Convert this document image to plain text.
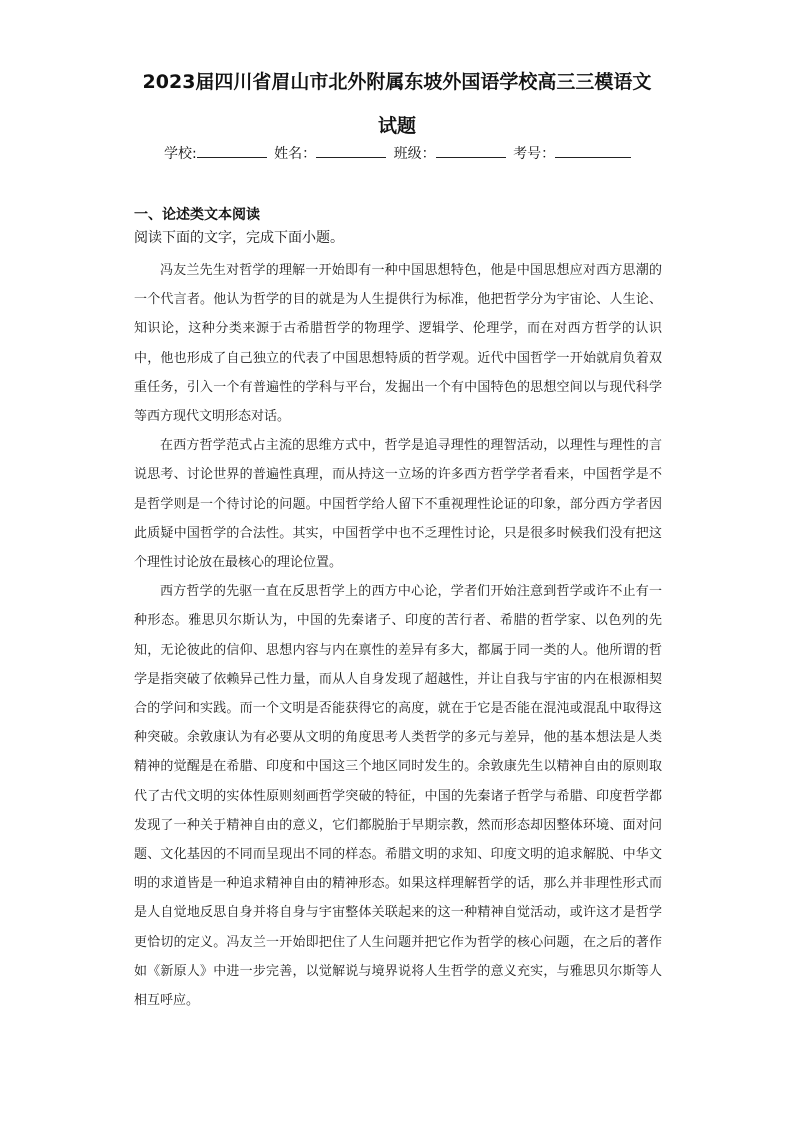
2023届四川省眉山市北外附属东坡外国语学校高三三模语文
试题
学校:	姓名：	班级：	考号：
一、论述类文本阅读

阅读下面的文字，完成下面小题。

冯友兰先生对哲学的理解一开始即有一种中国思想特色，他是中国思想应对西方思潮的一个代言者。他认为哲学的目的就是为人生提供行为标准，他把哲学分为宇宙论、人生论、知识论，这种分类来源于古希腊哲学的物理学、逻辑学、伦理学，而在对西方哲学的认识中，他也形成了自己独立的代表了中国思想特质的哲学观。近代中国哲学一开始就肩负着双重任务，引入一个有普遍性的学科与平台，发掘出一个有中国特色的思想空间以与现代科学等西方现代文明形态对话。

在西方哲学范式占主流的思维方式中，哲学是追寻理性的理智活动，以理性与理性的言说思考、讨论世界的普遍性真理，而从持这一立场的许多西方哲学学者看来，中国哲学是不是哲学则是一个待讨论的问题。中国哲学给人留下不重视理性论证的印象，部分西方学者因此质疑中国哲学的合法性。其实，中国哲学中也不乏理性讨论，只是很多时候我们没有把这个理性讨论放在最核心的理论位置。

西方哲学的先驱一直在反思哲学上的西方中心论，学者们开始注意到哲学或许不止有一种形态。雅思贝尔斯认为，中国的先秦诸子、印度的苦行者、希腊的哲学家、以色列的先知，无论彼此的信仰、思想内容与内在禀性的差异有多大，都属于同一类的人。他所谓的哲学是指突破了依赖异己性力量，而从人自身发现了超越性，并让自我与宇宙的内在根源相契合的学问和实践。而一个文明是否能获得它的高度，就在于它是否能在混沌或混乱中取得这种突破。余敦康认为有必要从文明的角度思考人类哲学的多元与差异，他的基本想法是人类精神的觉醒是在希腊、印度和中国这三个地区同时发生的。余敦康先生以精神自由的原则取代了古代文明的实体性原则刻画哲学突破的特征，中国的先秦诸子哲学与希腊、印度哲学都发现了一种关于精神自由的意义，它们都脱胎于早期宗教，然而形态却因整体环境、面对问题、文化基因的不同而呈现出不同的样态。希腊文明的求知、印度文明的追求解脱、中华文明的求道皆是一种追求精神自由的精神形态。如果这样理解哲学的话，那么并非理性形式而是人自觉地反思自身并将自身与宇宙整体关联起来的这一种精神自觉活动，或许这才是哲学更恰切的定义。冯友兰一开始即把住了人生问题并把它作为哲学的核心问题，在之后的著作如《新原人》中进一步完善，以觉解说与境界说将人生哲学的意义充实，与雅思贝尔斯等人相互呼应。
